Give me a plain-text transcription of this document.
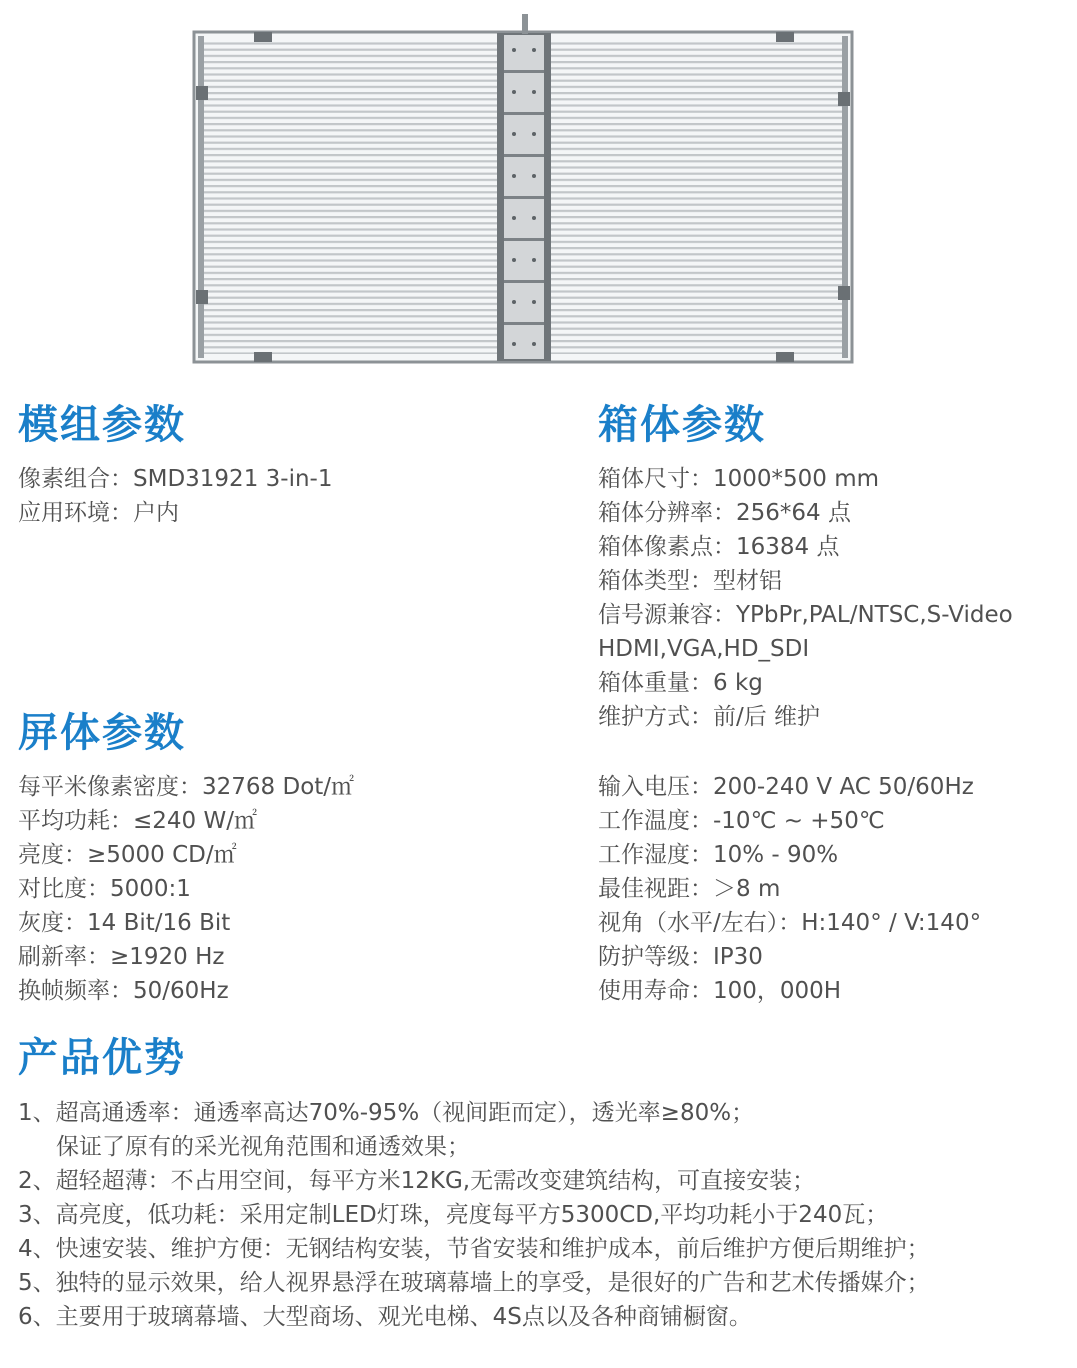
模组参数	箱体参数
屏体参数
产品优势
像素组合：SMD31921 3-in-1
应用环境：户内
箱体尺寸：1000*500 mm
箱体分辨率：256*64 点
箱体像素点：16384 点
箱体类型：型材铝
信号源兼容：YPbPr,PAL/NTSC,S-Video
HDMI,VGA,HD_SDI
箱体重量：6 kg
维护方式：前/后 维护
每平米像素密度：32768 Dot/㎡
平均功耗：≤240 W/㎡
亮度：≥5000 CD/㎡
对比度：5000:1
灰度：14 Bit/16 Bit
刷新率：≥1920 Hz
换帧频率：50/60Hz
输入电压：200-240 V AC 50/60Hz
工作温度：-10℃ ~ +50℃
工作湿度：10% - 90%
最佳视距：＞8 m
视角（水平/左右）：H:140° / V:140°
防护等级：IP30
使用寿命：100，000H
1、超高通透率：通透率高达70%-95%（视间距而定），透光率≥80%；
保证了原有的采光视角范围和通透效果；
2、超轻超薄：不占用空间，每平方米12KG,无需改变建筑结构，可直接安装；
3、高亮度，低功耗：采用定制LED灯珠，亮度每平方5300CD,平均功耗小于240瓦；
4、快速安装、维护方便：无钢结构安装，节省安装和维护成本，前后维护方便后期维护；
5、独特的显示效果，给人视界悬浮在玻璃幕墙上的享受，是很好的广告和艺术传播媒介；
6、主要用于玻璃幕墙、大型商场、观光电梯、4S点以及各种商铺橱窗。
